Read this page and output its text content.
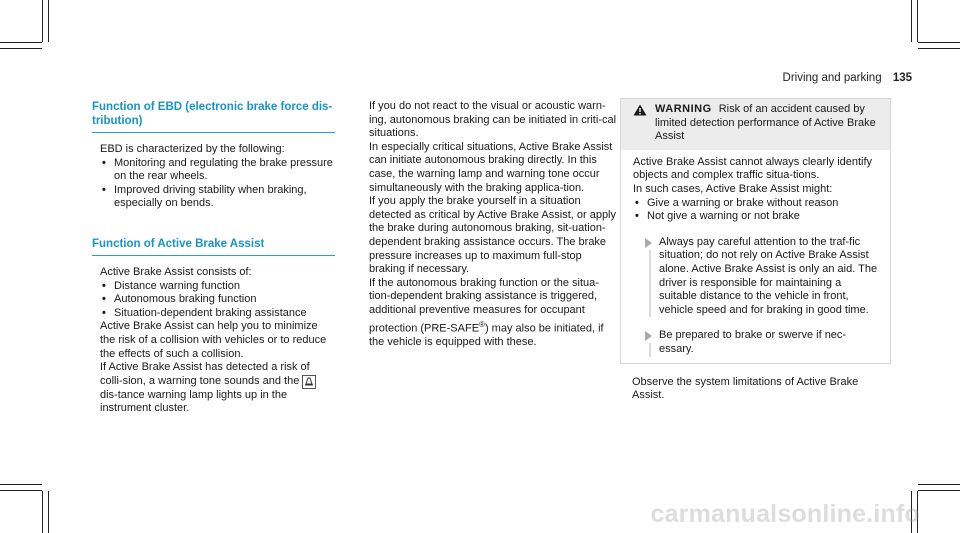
Driving and parking 135
Function of EBD (electronic brake force dis-
tribution)

EBD is characterized by the following:

• Monitoring and regulating the brake pressure on the rear wheels.
• Improved driving stability when braking, especially on bends.
Function of Active Brake Assist

Active Brake Assist consists of:

• Distance warning function
• Autonomous braking function
• Situation-dependent braking assistance

Active Brake Assist can help you to minimize the risk of a collision with vehicles or to reduce the effects of such a collision.

If Active Brake Assist has detected a risk of colli-sion, a warning tone sounds and the  dis-tance warning lamp lights up in the instrument cluster.

If you do not react to the visual or acoustic warn-ing, autonomous braking can be initiated in criti-cal situations.

In especially critical situations, Active Brake Assist can initiate autonomous braking directly. In this case, the warning lamp and warning tone occur simultaneously with the braking applica-tion.

If you apply the brake yourself in a situation detected as critical by Active Brake Assist, or apply the brake during autonomous braking, sit-uation-dependent braking assistance occurs. The brake pressure increases up to maximum full-stop braking if necessary.

If the autonomous braking function or the situa-tion-dependent braking assistance is triggered, additional preventive measures for occupant protection (PRE-SAFE®) may also be initiated, if the vehicle is equipped with these.

WARNING Risk of an accident caused by limited detection performance of Active Brake Assist

Active Brake Assist cannot always clearly identify objects and complex traffic situa-tions.

In such cases, Active Brake Assist might:

• Give a warning or brake without reason
• Not give a warning or not brake

Always pay careful attention to the traf-fic situation; do not rely on Active Brake Assist alone. Active Brake Assist is only an aid. The driver is responsible for maintaining a suitable distance to the vehicle in front, vehicle speed and for braking in good time.

Be prepared to brake or swerve if nec-essary.

Observe the system limitations of Active Brake Assist.

carmanualsonline.info
